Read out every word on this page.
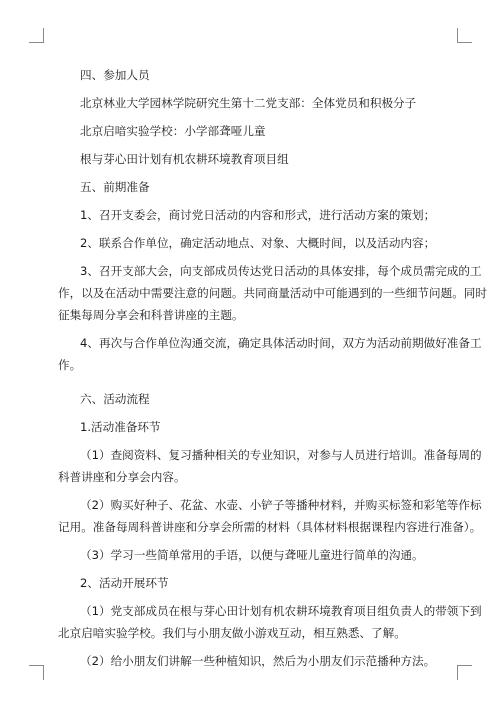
四、参加人员

北京林业大学园林学院研究生第十二党支部：全体党员和积极分子

北京启喑实验学校：小学部聋哑儿童

根与芽心田计划有机农耕环境教育项目组

五、前期准备

1、召开支委会，商讨党日活动的内容和形式，进行活动方案的策划；

2、联系合作单位，确定活动地点、对象、大概时间，以及活动内容；

3、召开支部大会，向支部成员传达党日活动的具体安排，每个成员需完成的工

作，以及在活动中需要注意的问题。共同商量活动中可能遇到的一些细节问题。同时

征集每周分享会和科普讲座的主题。

4、再次与合作单位沟通交流，确定具体活动时间，双方为活动前期做好准备工

作。

六、活动流程

1.活动准备环节

（1）查阅资料、复习播种相关的专业知识，对参与人员进行培训。准备每周的

科普讲座和分享会内容。

（2）购买好种子、花盆、水壶、小铲子等播种材料，并购买标签和彩笔等作标

记用。准备每周科普讲座和分享会所需的材料（具体材料根据课程内容进行准备）。

（3）学习一些简单常用的手语，以便与聋哑儿童进行简单的沟通。

2、活动开展环节

（1）党支部成员在根与芽心田计划有机农耕环境教育项目组负责人的带领下到

北京启喑实验学校。我们与小朋友做小游戏互动，相互熟悉、了解。

（2）给小朋友们讲解一些种植知识，然后为小朋友们示范播种方法。
